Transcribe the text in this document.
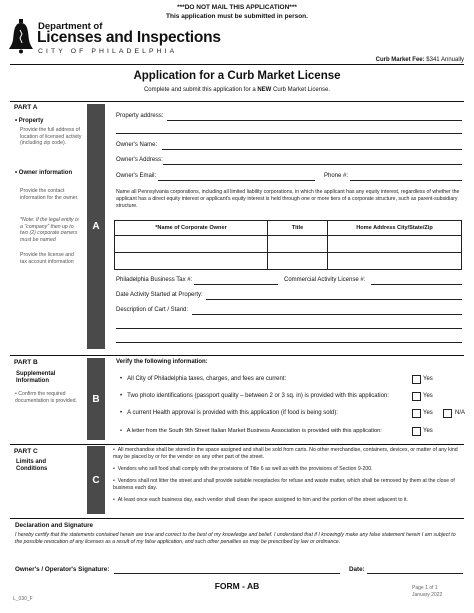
***DO NOT MAIL THIS APPLICATION***
This application must be submitted in person.
Department of
Licenses and Inspections
CITY OF PHILADELPHIA
Curb Market Fee: $341 Annually
Application for a Curb Market License
Complete and submit this application for a NEW Curb Market License.
PART A
A
• Property
Provide the full address of location of licensed activity (including zip code).
• Owner information
Provide the contact information for the owner.
*Note: If the legal entity is a "company" then up to two (2) corporate owners must be named
Provide the license and tax account information
Property address:
Owner's Name:
Owner's Address:
Owner's Email:	Phone #:
Name all Pennsylvania corporations, including all limited liability corporations, in which the applicant has any equity interest, regardless of whether the applicant has a direct equity interest or applicant's equity interest is held through one or more tiers of a corporate structure, such as parent-subsidiary structure.
*Name of Corporate Owner	Title	Home Address City/State/Zip

Philadelphia Business Tax #:	Commercial Activity License #:
Date Activity Started at Property:
Description of Cart / Stand:
PART B
B
Supplemental Information
• Confirm the required documentation is provided.
Verify the following information:
•   All City of Philadelphia taxes, charges, and fees are current:	Yes
•   Two photo identifications (passport quality – between 2 or 3 sq. in) is provided with this application:	Yes
•   A current Health approval is provided with this application (if food is being sold):	Yes	N/A
•   A letter from the South 9th Street Italian Market Business Association is provided with this application:	Yes
PART C
C
Limits and Conditions
•  All merchandise shall be stored in the space assigned and shall be sold from carts. No other merchandise, containers, devices, or matter of any kind may be placed by or for the vendor on any other part of the street.
•  Vendors who sell food shall comply with the provisions of Title 6 as well as with the provisions of Section 9-200.
•  Vendors shall not litter the street and shall provide suitable receptacles for refuse and waste matter, which shall be removed by them at the close of business each day.
•  At least once each business day, each vendor shall clean the space assigned to him and the portion of the street adjacent to it.
Declaration and Signature
I hereby certify that the statements contained herein are true and correct to the best of my knowledge and belief. I understand that if I knowingly make any false statement herein I am subject to the possible revocation of any licenses as a result of my false application, and such other penalties as may be prescribed by law or ordinance.
Owner's / Operator's Signature:	Date:
L_030_F
FORM - AB	Page 1 of 1
January 2022
